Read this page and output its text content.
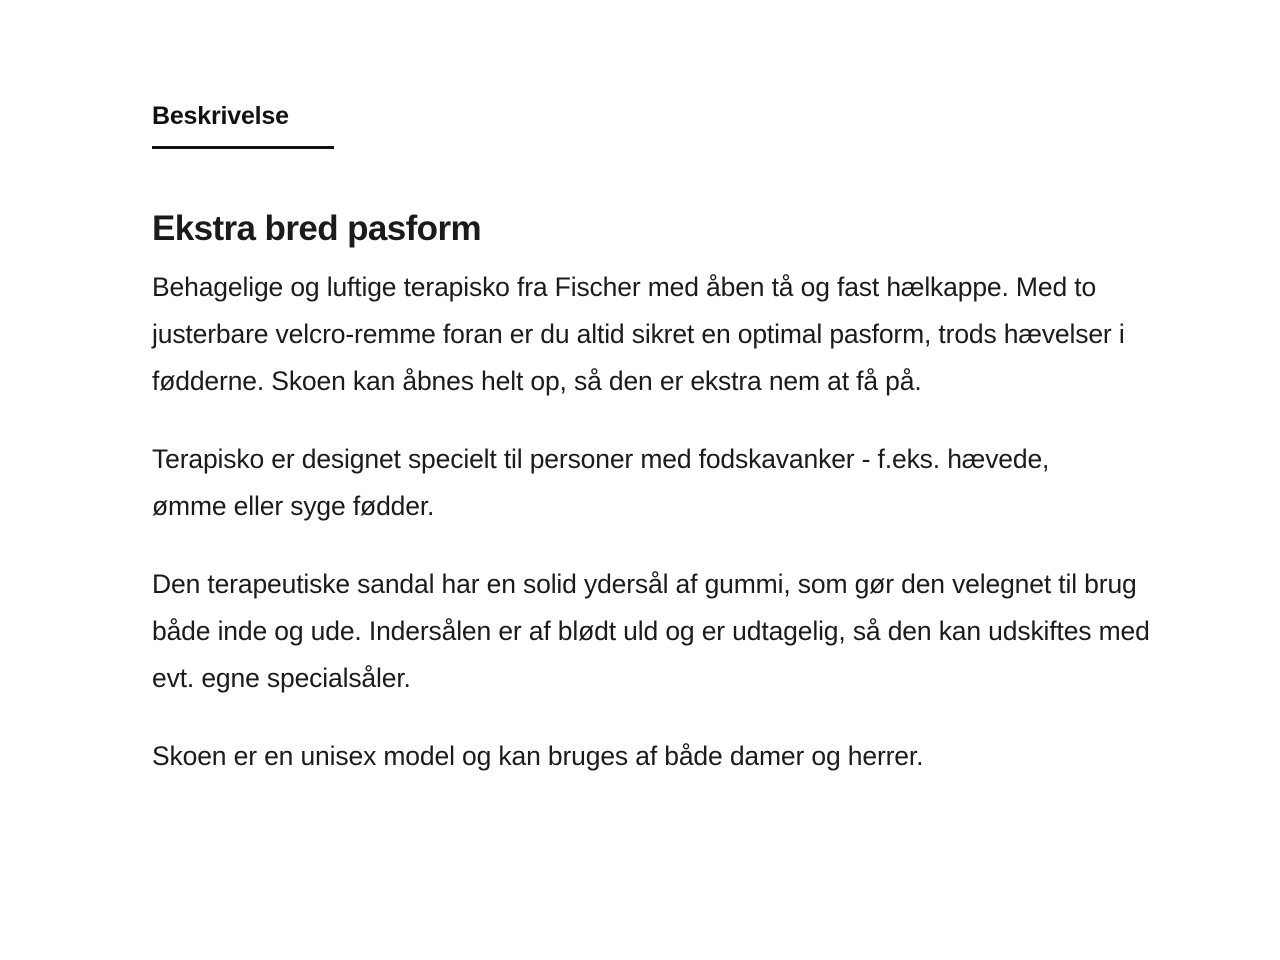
Beskrivelse
Ekstra bred pasform

Behagelige og luftige terapisko fra Fischer med åben tå og fast hælkappe. Med to justerbare velcro-remme foran er du altid sikret en optimal pasform, trods hævelser i fødderne. Skoen kan åbnes helt op, så den er ekstra nem at få på.

Terapisko er designet specielt til personer med fodskavanker - f.eks. hævede, ømme eller syge fødder.

Den terapeutiske sandal har en solid ydersål af gummi, som gør den velegnet til brug både inde og ude. Indersålen er af blødt uld og er udtagelig, så den kan udskiftes med evt. egne specialsåler.

Skoen er en unisex model og kan bruges af både damer og herrer.
